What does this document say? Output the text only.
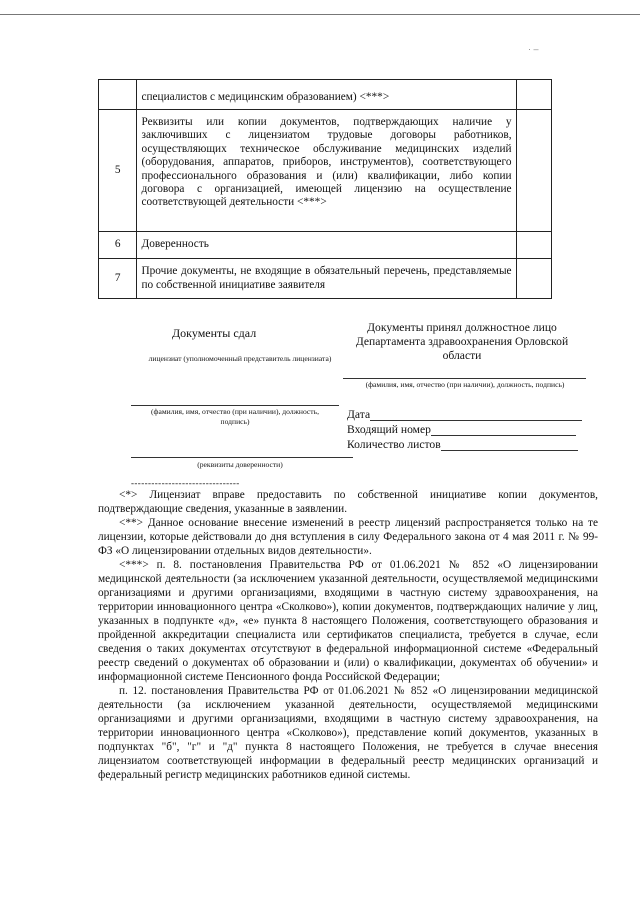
· –
	специалистов с медицинским образованием) <***>	
5	Реквизиты или копии документов, подтверждающих наличие у заключивших с лицензиатом трудовые договоры работников, осуществляющих техническое обслуживание медицинских изделий (оборудования, аппаратов, приборов, инструментов), соответствующего профессионального образования и (или) квалификации, либо копии договора с организацией, имеющей лицензию на осуществление соответствующей деятельности <***>	
6	Доверенность	
7	Прочие документы, не входящие в обязательный перечень, представляемые по собственной инициативе заявителя	
Документы сдал
лицензиат (уполномоченный представитель лицензиата)
Документы принял должностное лицо Департамента здравоохранения Орловской области
(фамилия, имя, отчество (при наличии), должность, подпись)
(фамилия, имя, отчество (при наличии), должность, подпись)
Дата
Входящий номер
Количество листов
(реквизиты доверенности)
--------------------------------

<*> Лицензиат вправе предоставить по собственной инициативе копии документов, подтверждающие сведения, указанные в заявлении.

<**> Данное основание внесение изменений в реестр лицензий распространяется только на те лицензии, которые действовали до дня вступления в силу Федерального закона от 4 мая 2011 г. № 99-ФЗ «О лицензировании отдельных видов деятельности».

<***> п. 8. постановления Правительства РФ от 01.06.2021 № 852 «О лицензировании медицинской деятельности (за исключением указанной деятельности, осуществляемой медицинскими организациями и другими организациями, входящими в частную систему здравоохранения, на территории инновационного центра «Сколково»), копии документов, подтверждающих наличие у лиц, указанных в подпункте «д», «е» пункта 8 настоящего Положения, соответствующего образования и пройденной аккредитации специалиста или сертификатов специалиста, требуется в случае, если сведения о таких документах отсутствуют в федеральной информационной системе «Федеральный реестр сведений о документах об образовании и (или) о квалификации, документах об обучении» и информационной системе Пенсионного фонда Российской Федерации;

п. 12. постановления Правительства РФ от 01.06.2021 № 852 «О лицензировании медицинской деятельности (за исключением указанной деятельности, осуществляемой медицинскими организациями и другими организациями, входящими в частную систему здравоохранения, на территории инновационного центра «Сколково»), представление копий документов, указанных в подпунктах "б", "г" и "д" пункта 8 настоящего Положения, не требуется в случае внесения лицензиатом соответствующей информации в федеральный реестр медицинских организаций и федеральный регистр медицинских работников единой системы.
